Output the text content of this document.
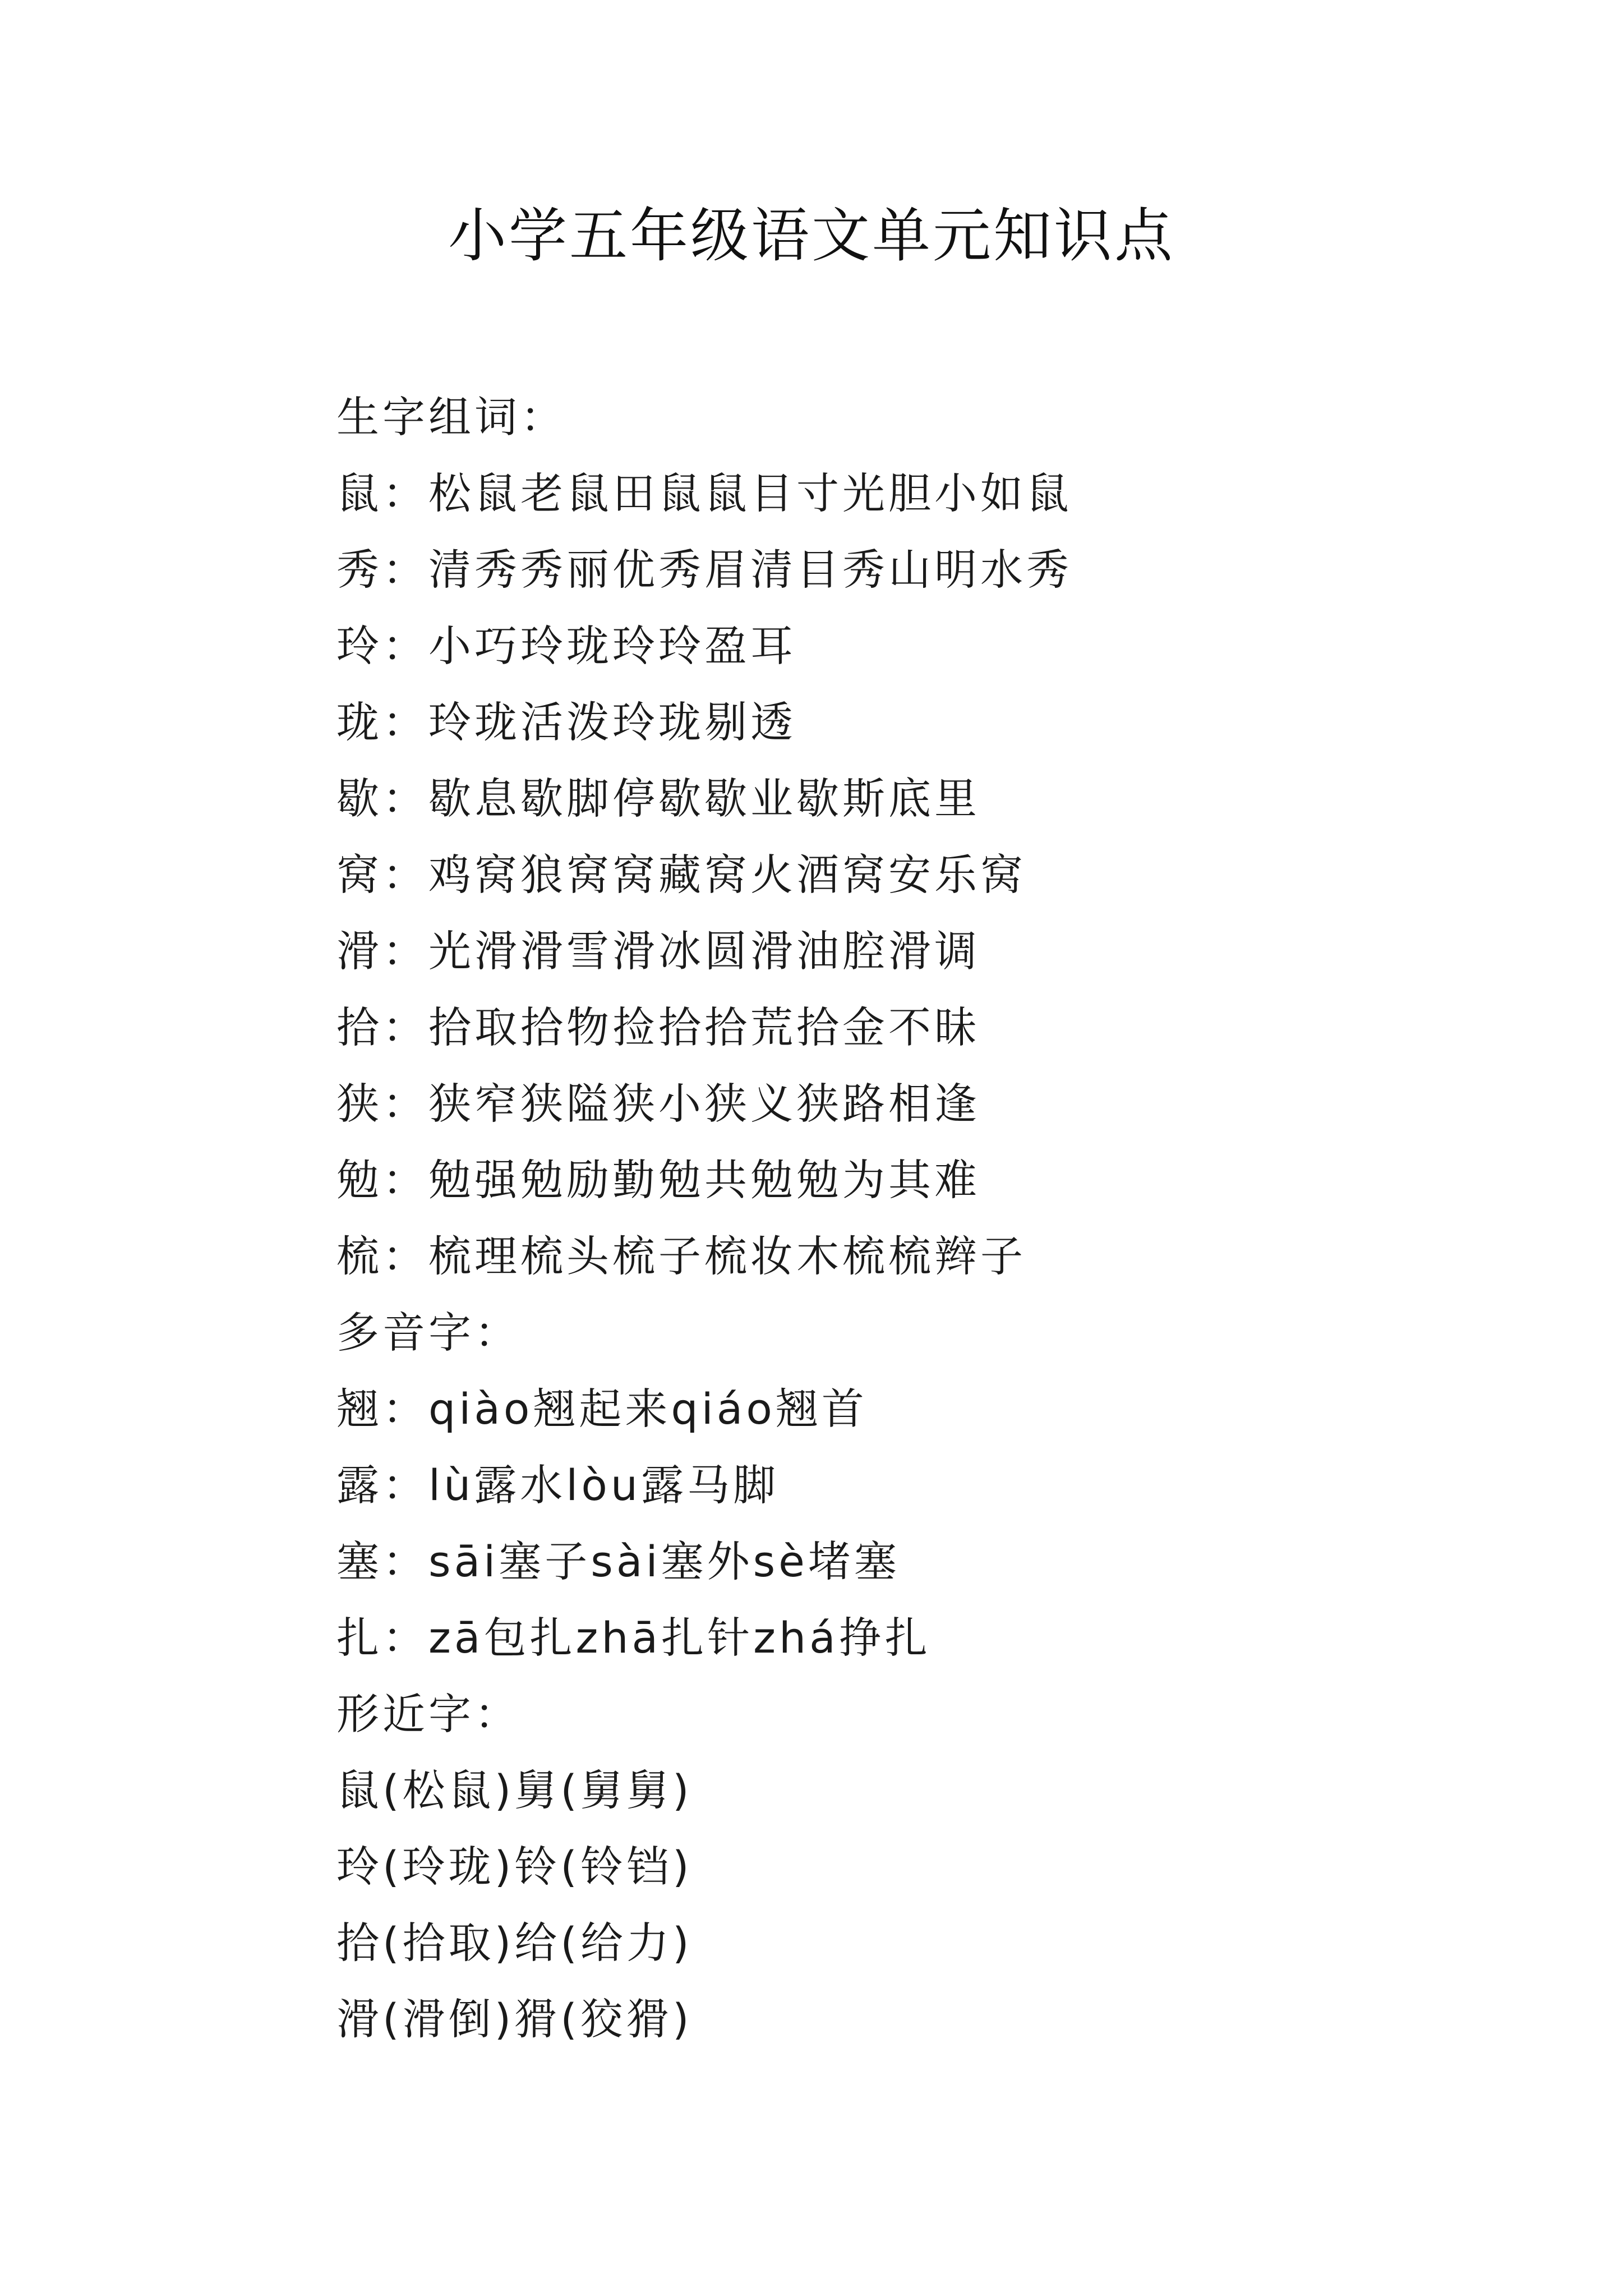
小学五年级语文单元知识点
生字组词：
鼠：松鼠老鼠田鼠鼠目寸光胆小如鼠
秀：清秀秀丽优秀眉清目秀山明水秀
玲：小巧玲珑玲玲盈耳
珑：玲珑活泼玲珑剔透
歇：歇息歇脚停歇歇业歇斯底里
窝：鸡窝狼窝窝藏窝火酒窝安乐窝
滑：光滑滑雪滑冰圆滑油腔滑调
拾：拾取拾物捡拾拾荒拾金不昧
狭：狭窄狭隘狭小狭义狭路相逢
勉：勉强勉励勤勉共勉勉为其难
梳：梳理梳头梳子梳妆木梳梳辫子
多音字：
翘：qiào翘起来qiáo翘首
露：lù露水lòu露马脚
塞：sāi塞子sài塞外sè堵塞
扎：zā包扎zhā扎针zhá挣扎
形近字：
鼠(松鼠)舅(舅舅)
玲(玲珑)铃(铃铛)
拾(拾取)给(给力)
滑(滑倒)猾(狡猾)
